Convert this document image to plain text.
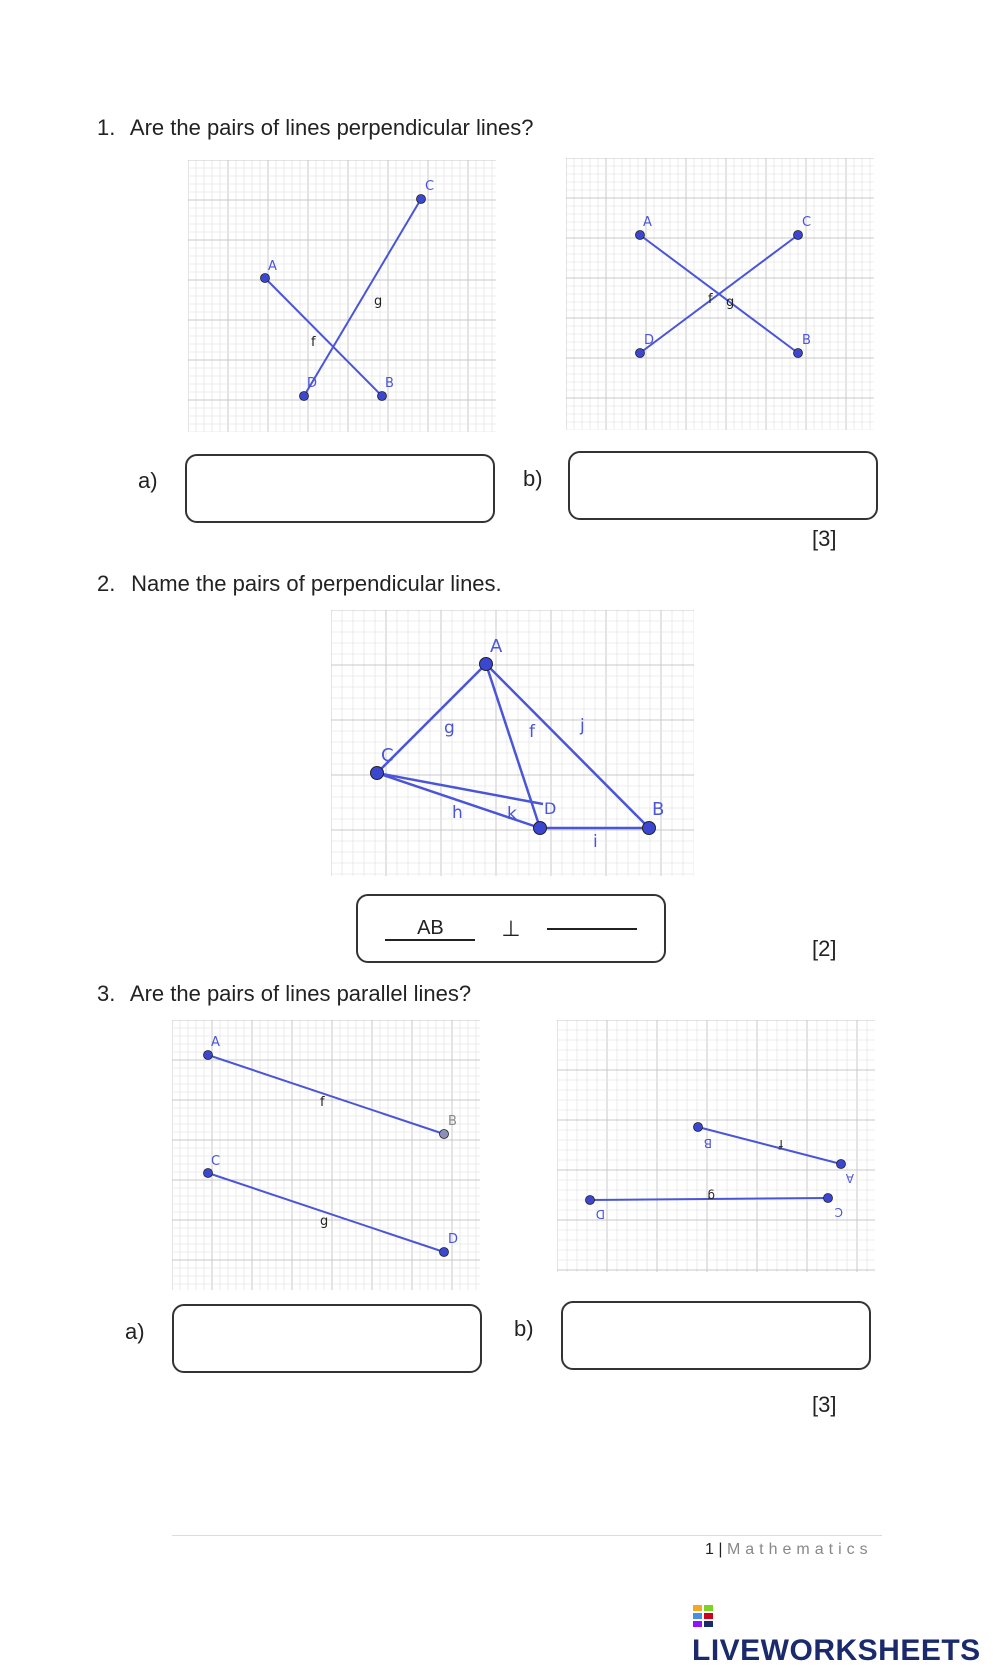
1. Are the pairs of lines perpendicular lines?
A
B
C
D
f
g
A
B
C
D
f g
a)	b)
[3]
2. Name the pairs of perpendicular lines.
A
B
C
D
f
g
h
i
j
k
AB	⊥
[2]
3. Are the pairs of lines parallel lines?
A
B
C
D
f
g
A
B
C
D
f
g
a)	b)
[3]
1 | Mathematics
LIVEWORKSHEETS
